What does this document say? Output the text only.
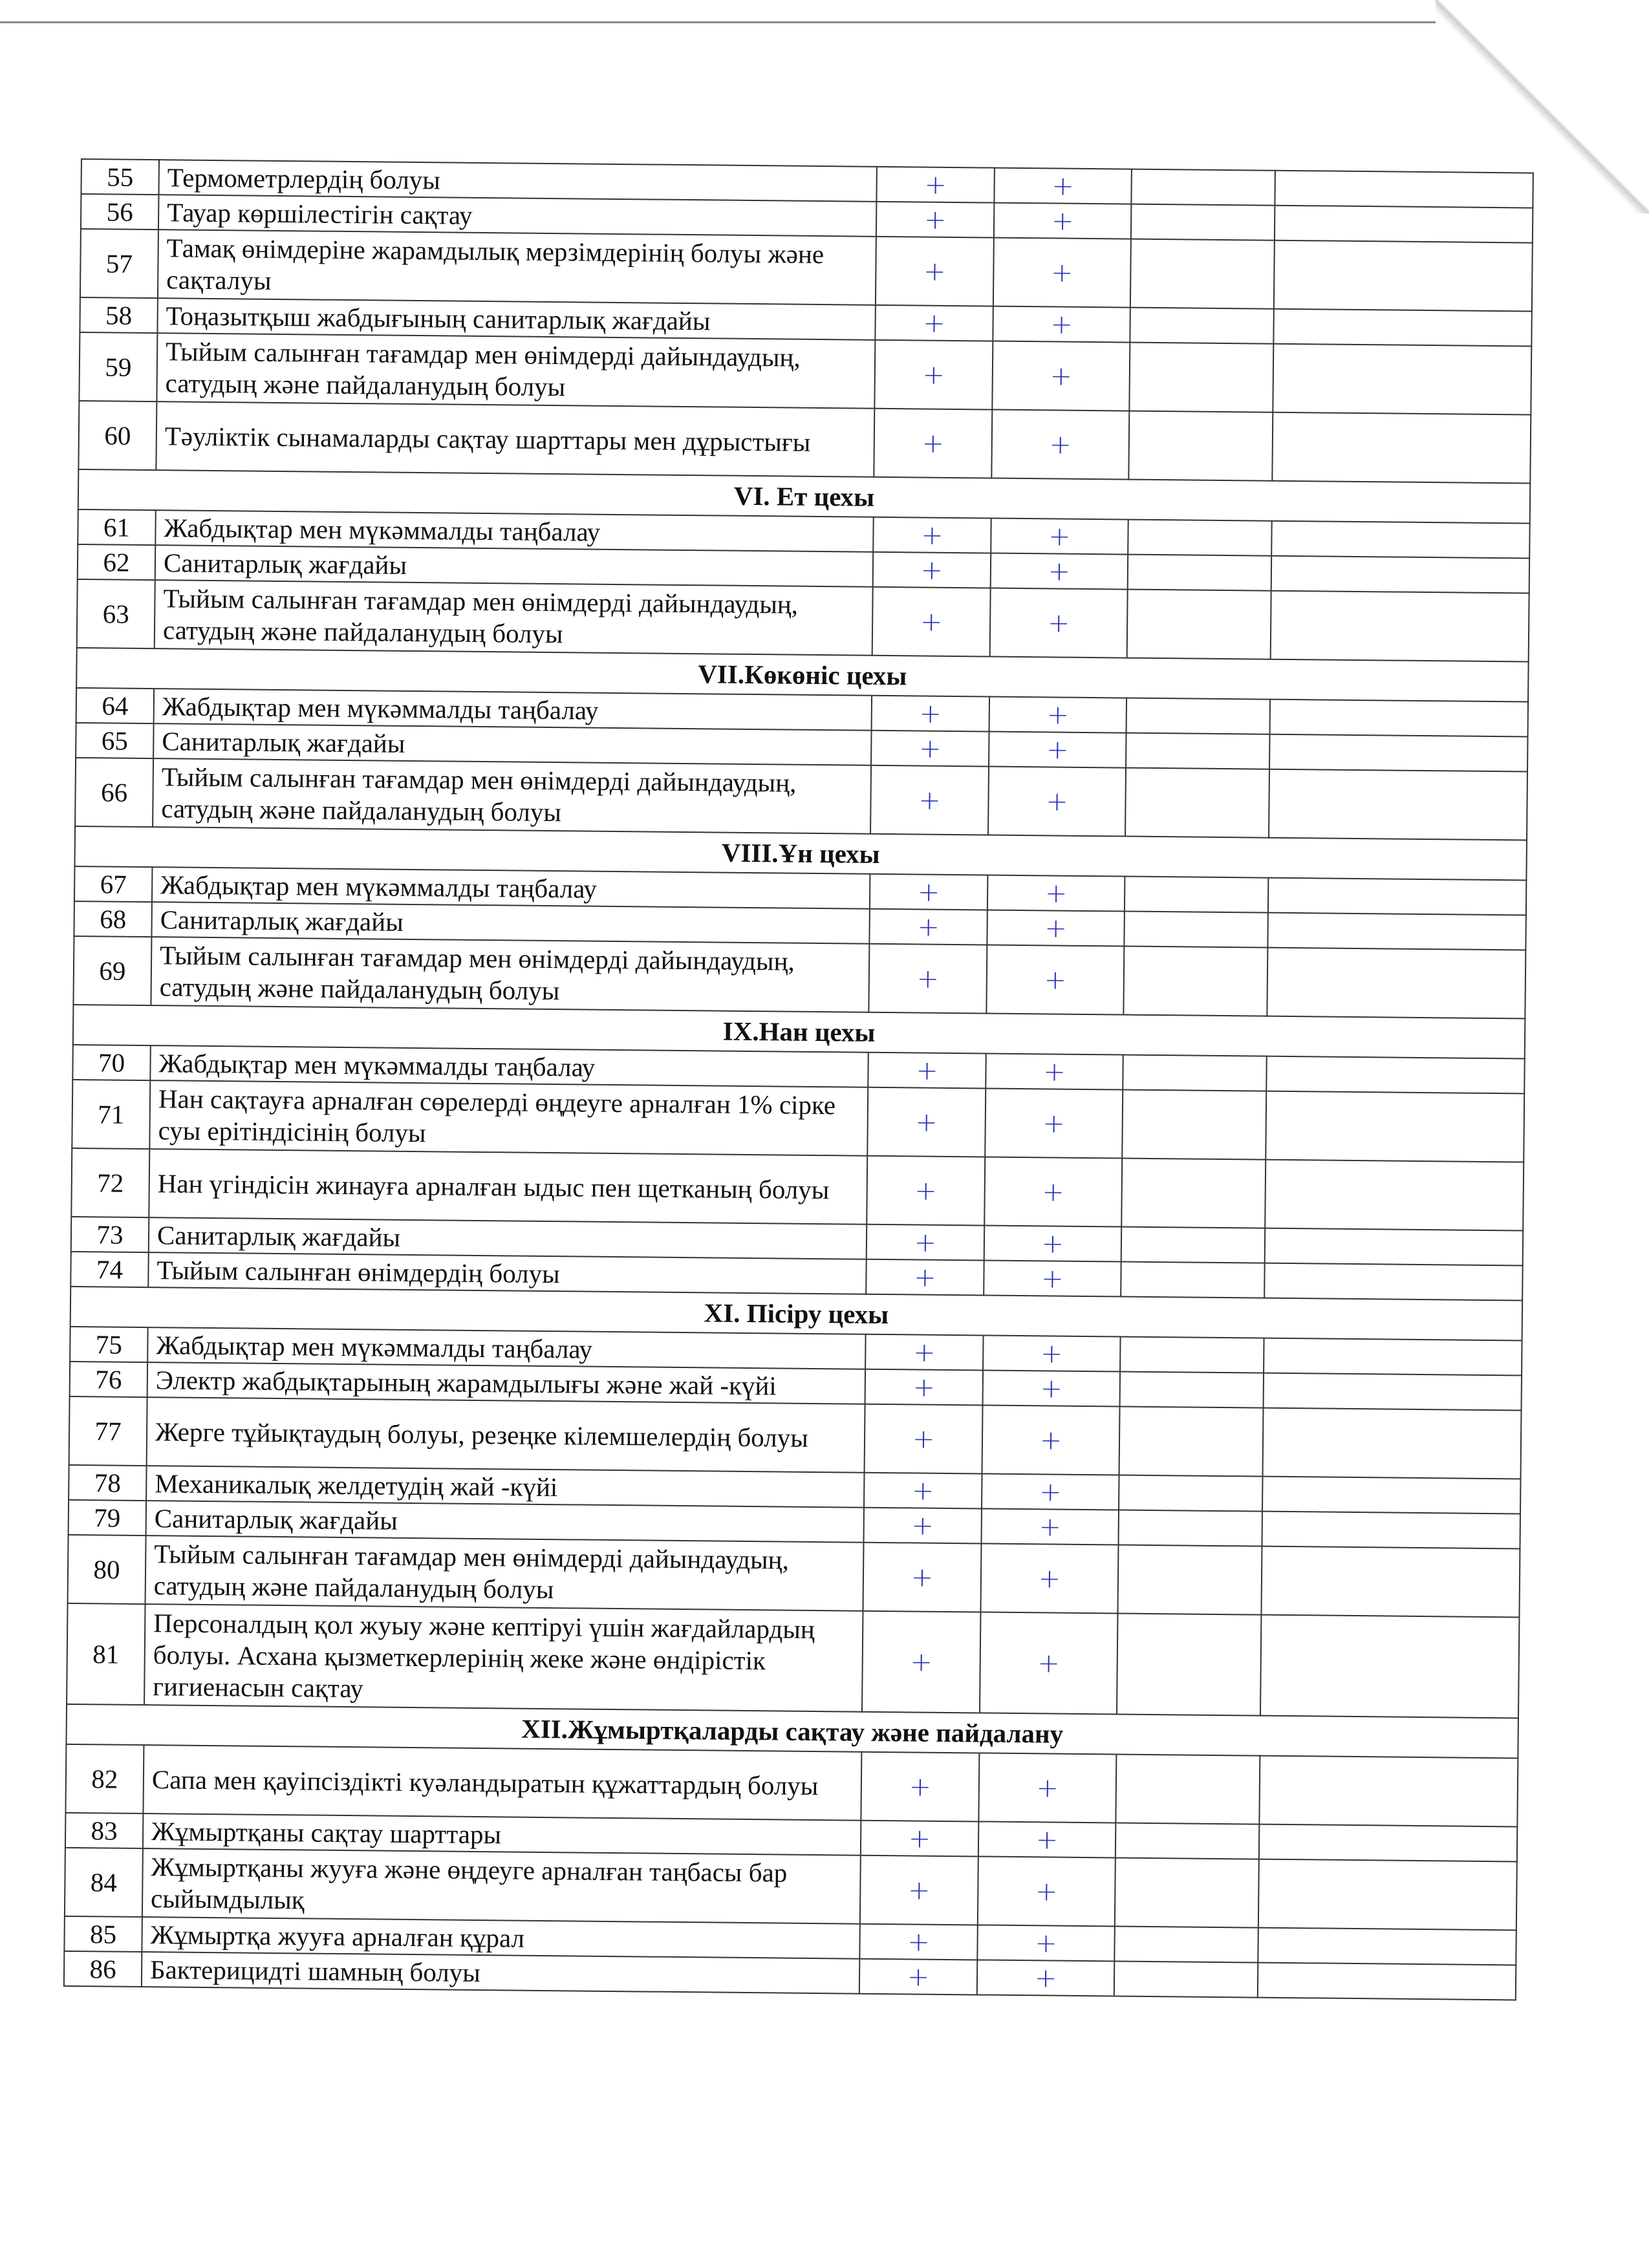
55	Термометрлердің болуы	+	+		
56	Тауар көршілестігін сақтау	+	+		
57	Тамақ өнімдеріне жарамдылық мерзімдерінің болуы және сақталуы	+	+		
58	Тоңазытқыш жабдығының санитарлық жағдайы	+	+		
59	Тыйым салынған тағамдар мен өнімдерді дайындаудың, сатудың және пайдаланудың болуы	+	+		
60	Тәуліктік сынамаларды сақтау шарттары мен дұрыстығы	+	+		
VI. Ет цехы					
61	Жабдықтар мен мүкәммалды таңбалау	+	+		
62	Санитарлық жағдайы	+	+		
63	Тыйым салынған тағамдар мен өнімдерді дайындаудың, сатудың және пайдаланудың болуы	+	+		
VII.Көкөніс цехы					
64	Жабдықтар мен мүкәммалды таңбалау	+	+		
65	Санитарлық жағдайы	+	+		
66	Тыйым салынған тағамдар мен өнімдерді дайындаудың, сатудың және пайдаланудың болуы	+	+		
VIII.Ұн цехы					
67	Жабдықтар мен мүкәммалды таңбалау	+	+		
68	Санитарлық жағдайы	+	+		
69	Тыйым салынған тағамдар мен өнімдерді дайындаудың, сатудың және пайдаланудың болуы	+	+		
IX.Нан цехы					
70	Жабдықтар мен мүкәммалды таңбалау	+	+		
71	Нан сақтауға арналған сөрелерді өңдеуге арналған 1% сірке суы ерітіндісінің болуы	+	+		
72	Нан үгіндісін жинауға арналған ыдыс пен щетканың болуы	+	+		
73	Санитарлық жағдайы	+	+		
74	Тыйым салынған өнімдердің болуы	+	+		
XI. Пісіру цехы					
75	Жабдықтар мен мүкәммалды таңбалау	+	+		
76	Электр жабдықтарының жарамдылығы және жай -күйі	+	+		
77	Жерге тұйықтаудың болуы, резеңке кілемшелердің болуы	+	+		
78	Механикалық желдетудің жай -күйі	+	+		
79	Санитарлық жағдайы	+	+		
80	Тыйым салынған тағамдар мен өнімдерді дайындаудың, сатудың және пайдаланудың болуы	+	+		
81	Персоналдың қол жуыу және кептіруі үшін жағдайлардың болуы. Асхана қызметкерлерінің жеке және өндірістік гигиенасын сақтау	+	+		
XII.Жұмыртқаларды сақтау және пайдалану					
82	Сапа мен қауіпсіздікті куәландыратын құжаттардың болуы	+	+		
83	Жұмыртқаны сақтау шарттары	+	+		
84	Жұмыртқаны жууға және өңдеуге арналған таңбасы бар сыйымдылық	+	+		
85	Жұмыртқа жууға арналған құрал	+	+		
86	Бактерицидті шамның болуы	+	+		
